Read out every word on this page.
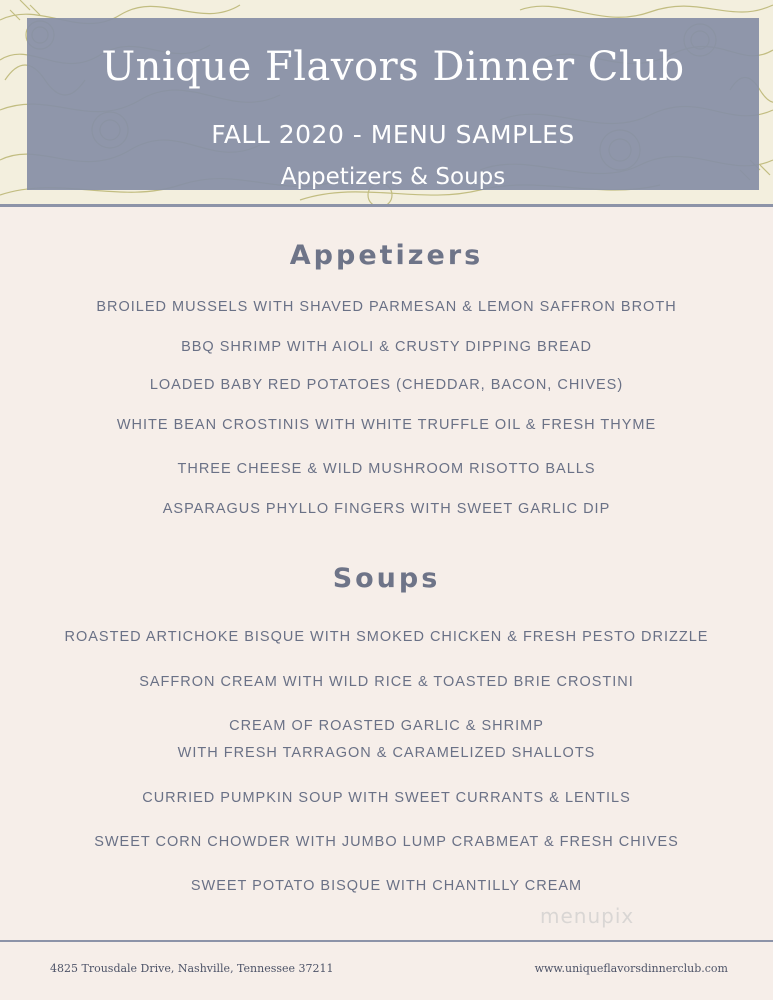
Unique Flavors Dinner Club
FALL 2020 - MENU SAMPLES
Appetizers & Soups
Appetizers
BROILED MUSSELS WITH SHAVED PARMESAN & LEMON SAFFRON BROTH
BBQ SHRIMP WITH AIOLI & CRUSTY DIPPING BREAD
LOADED BABY RED POTATOES (CHEDDAR, BACON, CHIVES)
WHITE BEAN CROSTINIS WITH WHITE TRUFFLE OIL & FRESH THYME
THREE CHEESE & WILD MUSHROOM RISOTTO BALLS
ASPARAGUS PHYLLO FINGERS WITH SWEET GARLIC DIP
Soups
ROASTED ARTICHOKE BISQUE WITH SMOKED CHICKEN & FRESH PESTO DRIZZLE
SAFFRON CREAM WITH WILD RICE & TOASTED BRIE CROSTINI
CREAM OF ROASTED GARLIC & SHRIMP
WITH FRESH TARRAGON & CARAMELIZED SHALLOTS
CURRIED PUMPKIN SOUP WITH SWEET CURRANTS & LENTILS
SWEET CORN CHOWDER WITH JUMBO LUMP CRABMEAT & FRESH CHIVES
SWEET POTATO BISQUE WITH CHANTILLY CREAM
menupix
4825 Trousdale Drive, Nashville, Tennessee 37211	www.uniqueflavorsdinnerclub.com
